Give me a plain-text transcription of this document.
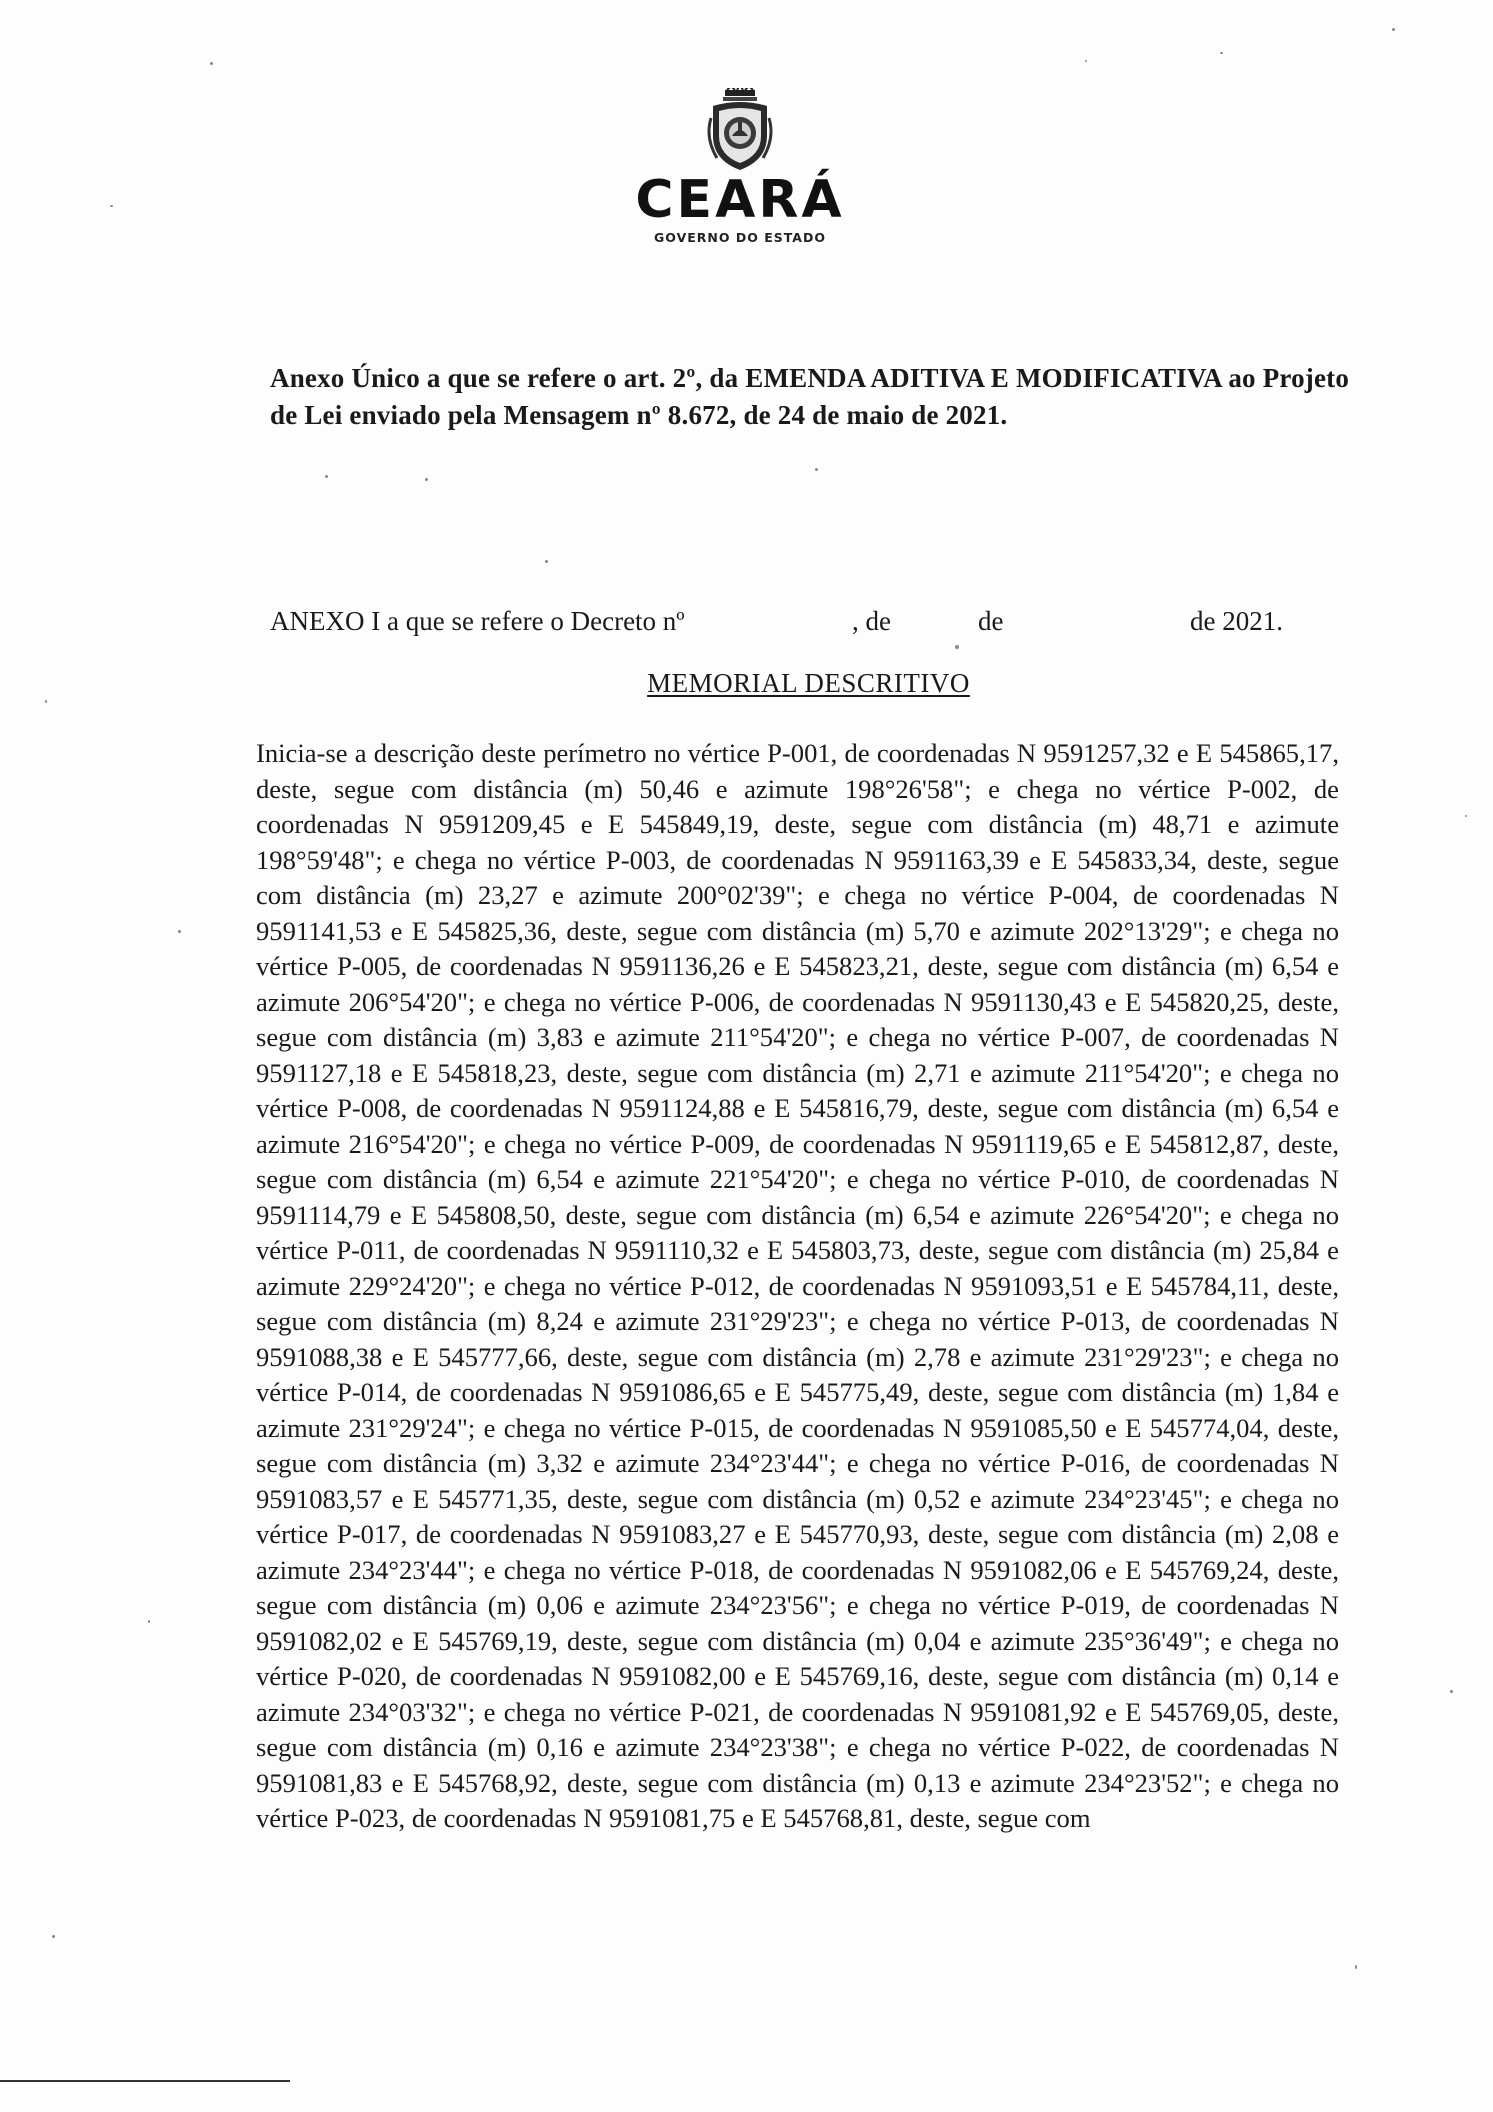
CEARÁ
GOVERNO DO ESTADO
Anexo Único a que se refere o art. 2º, da EMENDA ADITIVA E MODIFICATIVA ao Projeto de Lei enviado pela Mensagem nº 8.672, de 24 de maio de 2021.
ANEXO I a que se refere o Decreto nº	, de	de	de 2021.
MEMORIAL DESCRITIVO
Inicia-se a descrição deste perímetro no vértice P-001, de coordenadas N 9591257,32 e E 545865,17, deste, segue com distância (m) 50,46 e azimute 198°26'58"; e chega no vértice P-002, de coordenadas N 9591209,45 e E 545849,19, deste, segue com distância (m) 48,71 e azimute 198°59'48"; e chega no vértice P-003, de coordenadas N 9591163,39 e E 545833,34, deste, segue com distância (m) 23,27 e azimute 200°02'39"; e chega no vértice P-004, de coordenadas N 9591141,53 e E 545825,36, deste, segue com distância (m) 5,70 e azimute 202°13'29"; e chega no vértice P-005, de coordenadas N 9591136,26 e E 545823,21, deste, segue com distância (m) 6,54 e azimute 206°54'20"; e chega no vértice P-006, de coordenadas N 9591130,43 e E 545820,25, deste, segue com distância (m) 3,83 e azimute 211°54'20"; e chega no vértice P-007, de coordenadas N 9591127,18 e E 545818,23, deste, segue com distância (m) 2,71 e azimute 211°54'20"; e chega no vértice P-008, de coordenadas N 9591124,88 e E 545816,79, deste, segue com distância (m) 6,54 e azimute 216°54'20"; e chega no vértice P-009, de coordenadas N 9591119,65 e E 545812,87, deste, segue com distância (m) 6,54 e azimute 221°54'20"; e chega no vértice P-010, de coordenadas N 9591114,79 e E 545808,50, deste, segue com distância (m) 6,54 e azimute 226°54'20"; e chega no vértice P-011, de coordenadas N 9591110,32 e E 545803,73, deste, segue com distância (m) 25,84 e azimute 229°24'20"; e chega no vértice P-012, de coordenadas N 9591093,51 e E 545784,11, deste, segue com distância (m) 8,24 e azimute 231°29'23"; e chega no vértice P-013, de coordenadas N 9591088,38 e E 545777,66, deste, segue com distância (m) 2,78 e azimute 231°29'23"; e chega no vértice P-014, de coordenadas N 9591086,65 e E 545775,49, deste, segue com distância (m) 1,84 e azimute 231°29'24"; e chega no vértice P-015, de coordenadas N 9591085,50 e E 545774,04, deste, segue com distância (m) 3,32 e azimute 234°23'44"; e chega no vértice P-016, de coordenadas N 9591083,57 e E 545771,35, deste, segue com distância (m) 0,52 e azimute 234°23'45"; e chega no vértice P-017, de coordenadas N 9591083,27 e E 545770,93, deste, segue com distância (m) 2,08 e azimute 234°23'44"; e chega no vértice P-018, de coordenadas N 9591082,06 e E 545769,24, deste, segue com distância (m) 0,06 e azimute 234°23'56"; e chega no vértice P-019, de coordenadas N 9591082,02 e E 545769,19, deste, segue com distância (m) 0,04 e azimute 235°36'49"; e chega no vértice P-020, de coordenadas N 9591082,00 e E 545769,16, deste, segue com distância (m) 0,14 e azimute 234°03'32"; e chega no vértice P-021, de coordenadas N 9591081,92 e E 545769,05, deste, segue com distância (m) 0,16 e azimute 234°23'38"; e chega no vértice P-022, de coordenadas N 9591081,83 e E 545768,92, deste, segue com distância (m) 0,13 e azimute 234°23'52"; e chega no vértice P-023, de coordenadas N 9591081,75 e E 545768,81, deste, segue com
